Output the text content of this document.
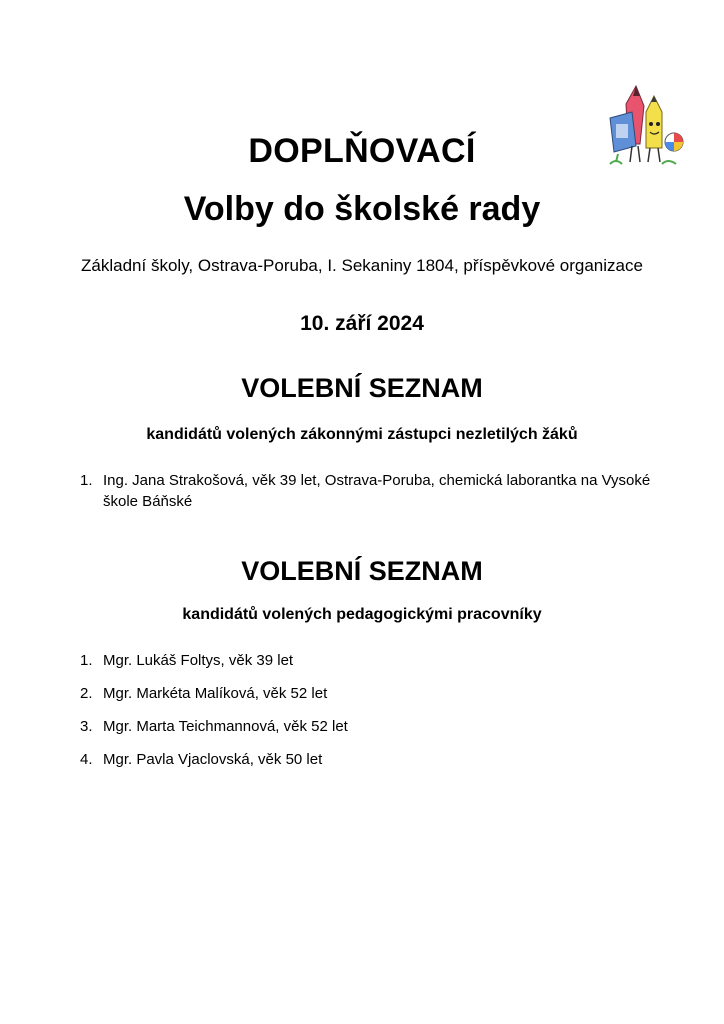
DOPLŇOVACÍ
Volby do školské rady

Základní školy, Ostrava-Poruba, I. Sekaniny 1804, příspěvkové organizace

10. září 2024

VOLEBNÍ SEZNAM

kandidátů volených zákonnými zástupci nezletilých žáků

1. Ing. Jana Strakošová, věk 39 let, Ostrava-Poruba, chemická laborantka na Vysoké škole Báňské
VOLEBNÍ SEZNAM

kandidátů volených pedagogickými pracovníky

1. Mgr. Lukáš Foltys, věk 39 let
2. Mgr. Markéta Malíková, věk 52 let
3. Mgr. Marta Teichmannová, věk 52 let
4. Mgr. Pavla Vjaclovská, věk 50 let
